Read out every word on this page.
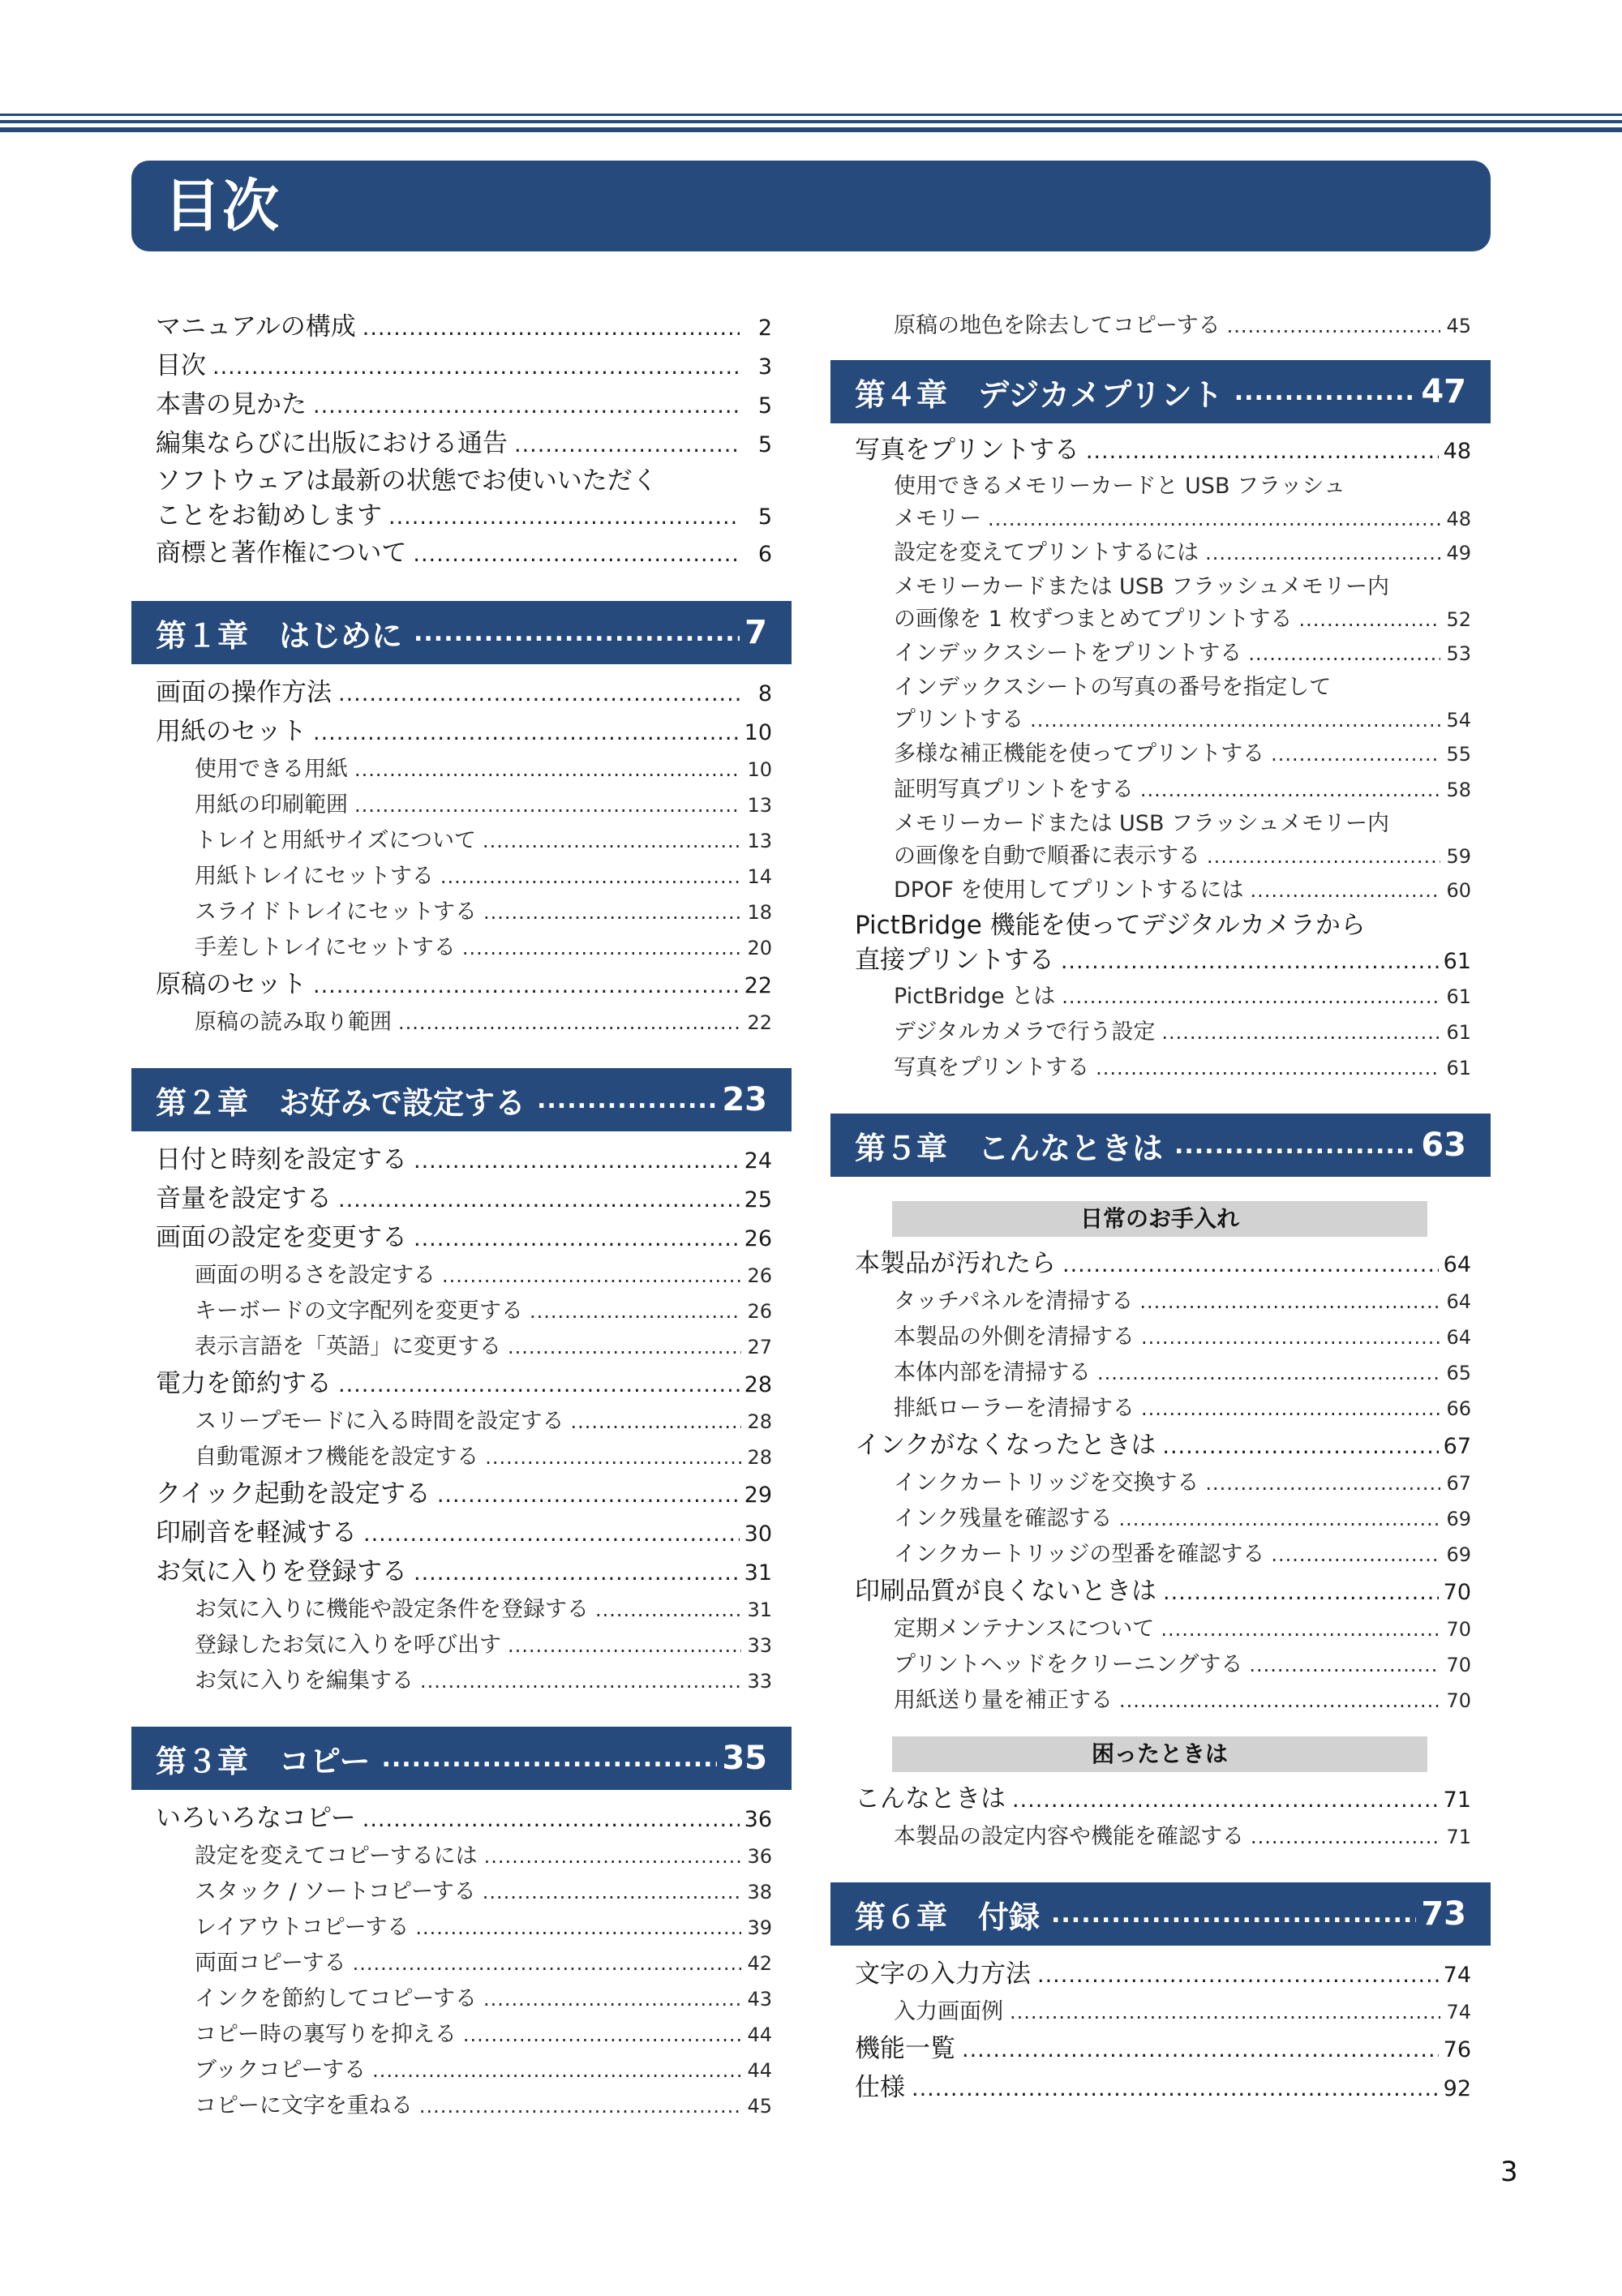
目次
マニュアルの構成 .....	2
目次 .....	3
本書の見かた .....	5
編集ならびに出版における通告 .....	5
ソフトウェアは最新の状態でお使いいただく
ことをお勧めします .....	5
商標と著作権について .....	6
第１章　はじめに .....	7
画面の操作方法 .....	8
用紙のセット .....	10
使用できる用紙 .....	10
用紙の印刷範囲 .....	13
トレイと用紙サイズについて .....	13
用紙トレイにセットする .....	14
スライドトレイにセットする .....	18
手差しトレイにセットする .....	20
原稿のセット .....	22
原稿の読み取り範囲 .....	22
第２章　お好みで設定する .....	23
日付と時刻を設定する .....	24
音量を設定する .....	25
画面の設定を変更する .....	26
画面の明るさを設定する .....	26
キーボードの文字配列を変更する .....	26
表示言語を「英語」に変更する .....	27
電力を節約する .....	28
スリープモードに入る時間を設定する .....	28
自動電源オフ機能を設定する .....	28
クイック起動を設定する .....	29
印刷音を軽減する .....	30
お気に入りを登録する .....	31
お気に入りに機能や設定条件を登録する .....	31
登録したお気に入りを呼び出す .....	33
お気に入りを編集する .....	33
第３章　コピー .....	35
いろいろなコピー .....	36
設定を変えてコピーするには .....	36
スタック / ソートコピーする .....	38
レイアウトコピーする .....	39
両面コピーする .....	42
インクを節約してコピーする .....	43
コピー時の裏写りを抑える .....	44
ブックコピーする .....	44
コピーに文字を重ねる .....	45
原稿の地色を除去してコピーする .....	45
第４章　デジカメプリント .....	47
写真をプリントする .....	48
使用できるメモリーカードと USB フラッシュ
メモリー .....	48
設定を変えてプリントするには .....	49
メモリーカードまたは USB フラッシュメモリー内
の画像を 1 枚ずつまとめてプリントする .....	52
インデックスシートをプリントする .....	53
インデックスシートの写真の番号を指定して
プリントする .....	54
多様な補正機能を使ってプリントする .....	55
証明写真プリントをする .....	58
メモリーカードまたは USB フラッシュメモリー内
の画像を自動で順番に表示する .....	59
DPOF を使用してプリントするには .....	60
PictBridge 機能を使ってデジタルカメラから
直接プリントする .....	61
PictBridge とは .....	61
デジタルカメラで行う設定 .....	61
写真をプリントする .....	61
第５章　こんなときは .....	63
日常のお手入れ
本製品が汚れたら .....	64
タッチパネルを清掃する .....	64
本製品の外側を清掃する .....	64
本体内部を清掃する .....	65
排紙ローラーを清掃する .....	66
インクがなくなったときは .....	67
インクカートリッジを交換する .....	67
インク残量を確認する .....	69
インクカートリッジの型番を確認する .....	69
印刷品質が良くないときは .....	70
定期メンテナンスについて .....	70
プリントヘッドをクリーニングする .....	70
用紙送り量を補正する .....	70
困ったときは
こんなときは .....	71
本製品の設定内容や機能を確認する .....	71
第６章　付録 .....	73
文字の入力方法 .....	74
入力画面例 .....	74
機能一覧 .....	76
仕様 .....	92
3
